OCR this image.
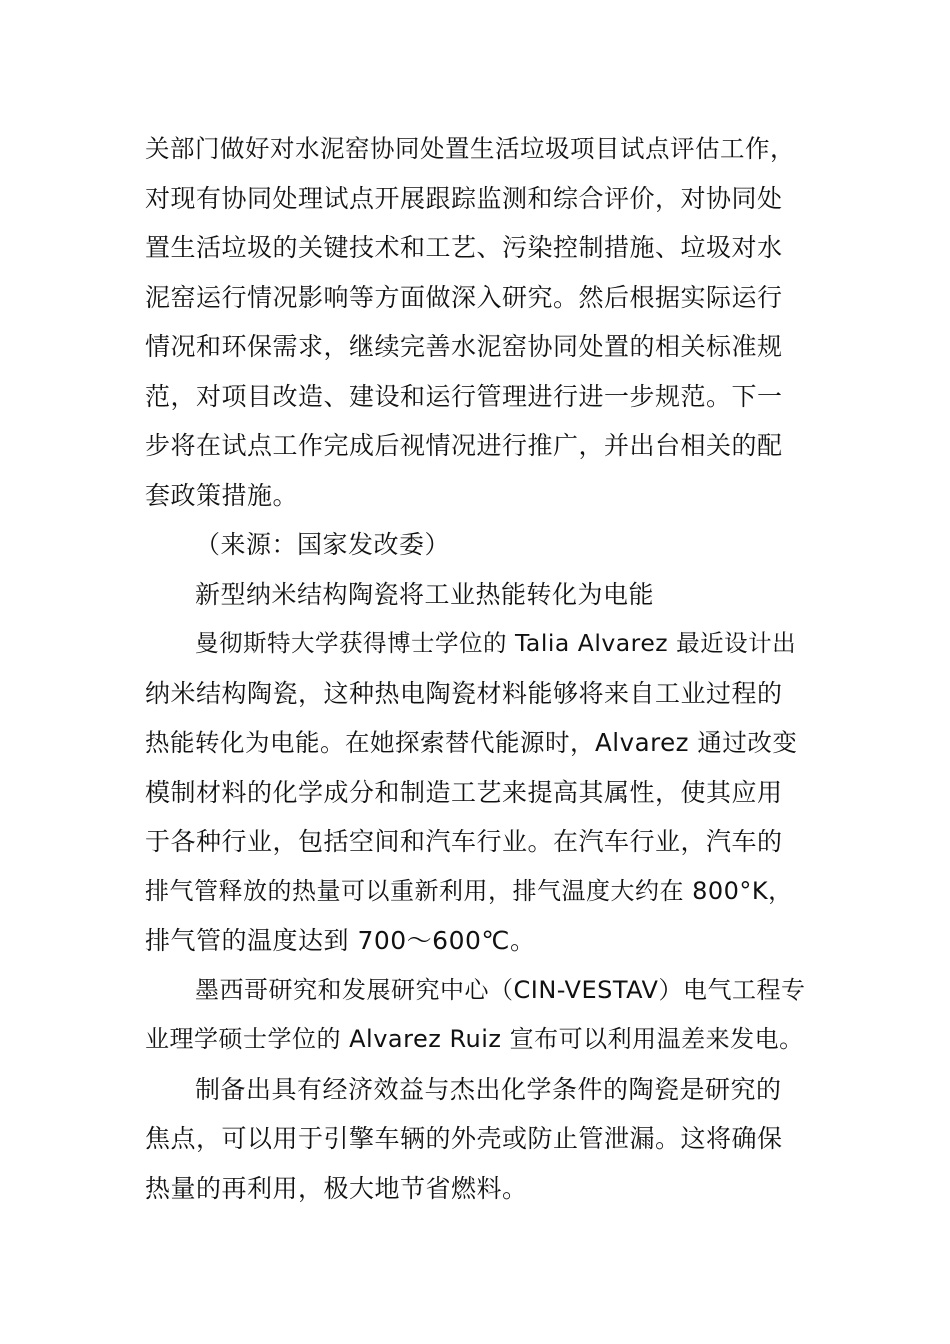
关部门做好对水泥窑协同处置生活垃圾项目试点评估工作，
对现有协同处理试点开展跟踪监测和综合评价，对协同处
置生活垃圾的关键技术和工艺、污染控制措施、垃圾对水
泥窑运行情况影响等方面做深入研究。然后根据实际运行
情况和环保需求，继续完善水泥窑协同处置的相关标准规
范，对项目改造、建设和运行管理进行进一步规范。下一
步将在试点工作完成后视情况进行推广，并出台相关的配
套政策措施。
（来源：国家发改委）
新型纳米结构陶瓷将工业热能转化为电能
曼彻斯特大学获得博士学位的 Talia Alvarez 最近设计出
纳米结构陶瓷，这种热电陶瓷材料能够将来自工业过程的
热能转化为电能。在她探索替代能源时，Alvarez 通过改变
模制材料的化学成分和制造工艺来提高其属性，使其应用
于各种行业，包括空间和汽车行业。在汽车行业，汽车的
排气管释放的热量可以重新利用，排气温度大约在 800°K，
排气管的温度达到 700～600℃。
墨西哥研究和发展研究中心（CIN-VESTAV）电气工程专
业理学硕士学位的 Alvarez Ruiz 宣布可以利用温差来发电。
制备出具有经济效益与杰出化学条件的陶瓷是研究的
焦点，可以用于引擎车辆的外壳或防止管泄漏。这将确保
热量的再利用，极大地节省燃料。
